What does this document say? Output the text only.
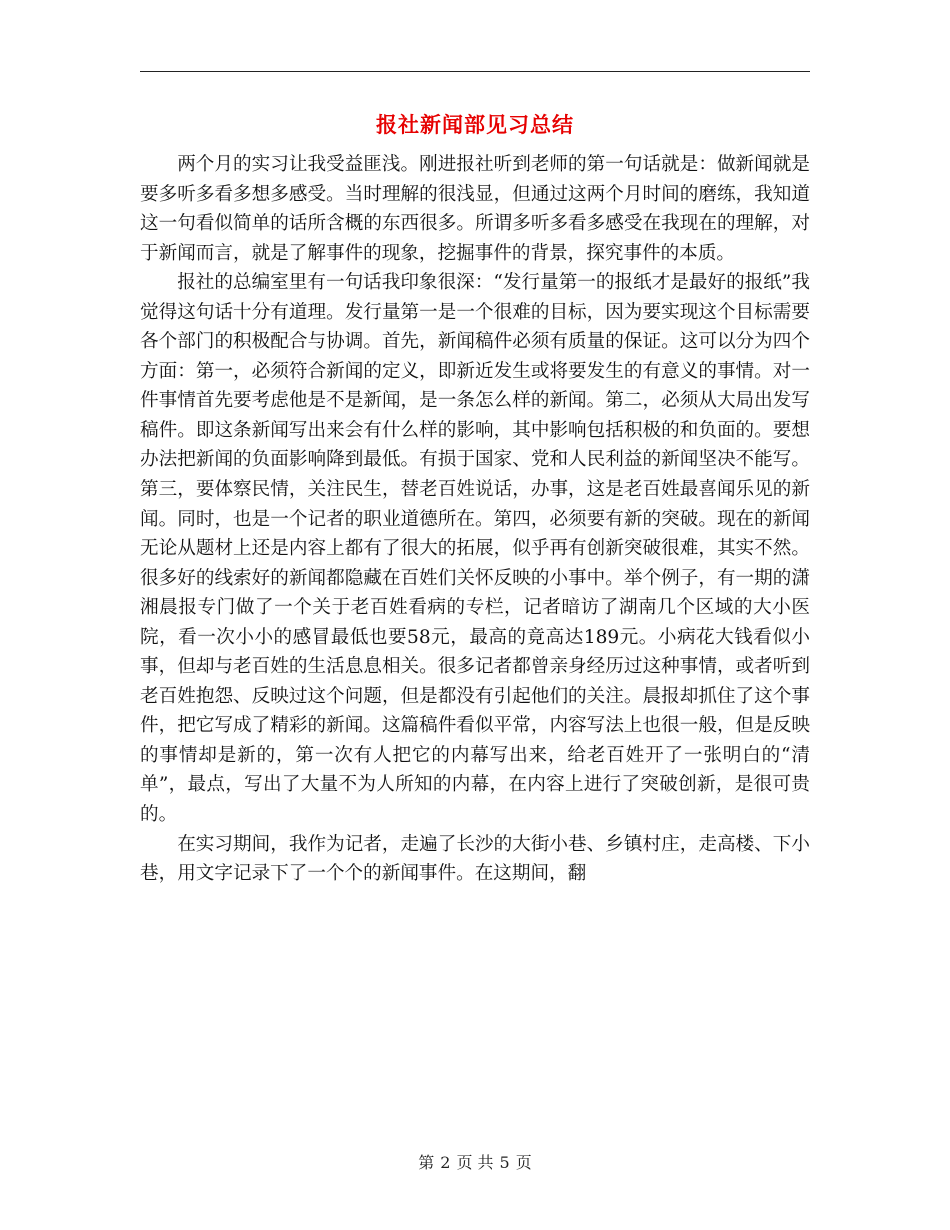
报社新闻部见习总结

两个月的实习让我受益匪浅。刚进报社听到老师的第一句话就是：做新闻就是要多听多看多想多感受。当时理解的很浅显，但通过这两个月时间的磨练，我知道这一句看似简单的话所含概的东西很多。所谓多听多看多感受在我现在的理解，对于新闻而言，就是了解事件的现象，挖掘事件的背景，探究事件的本质。

报社的总编室里有一句话我印象很深：“发行量第一的报纸才是最好的报纸”我觉得这句话十分有道理。发行量第一是一个很难的目标，因为要实现这个目标需要各个部门的积极配合与协调。首先，新闻稿件必须有质量的保证。这可以分为四个方面：第一，必须符合新闻的定义，即新近发生或将要发生的有意义的事情。对一件事情首先要考虑他是不是新闻，是一条怎么样的新闻。第二，必须从大局出发写稿件。即这条新闻写出来会有什么样的影响，其中影响包括积极的和负面的。要想办法把新闻的负面影响降到最低。有损于国家、党和人民利益的新闻坚决不能写。第三，要体察民情，关注民生，替老百姓说话，办事，这是老百姓最喜闻乐见的新闻。同时，也是一个记者的职业道德所在。第四，必须要有新的突破。现在的新闻无论从题材上还是内容上都有了很大的拓展，似乎再有创新突破很难，其实不然。很多好的线索好的新闻都隐藏在百姓们关怀反映的小事中。举个例子，有一期的潇湘晨报专门做了一个关于老百姓看病的专栏，记者暗访了湖南几个区域的大小医院，看一次小小的感冒最低也要58元，最高的竟高达189元。小病花大钱看似小事，但却与老百姓的生活息息相关。很多记者都曾亲身经历过这种事情，或者听到老百姓抱怨、反映过这个问题，但是都没有引起他们的关注。晨报却抓住了这个事件，把它写成了精彩的新闻。这篇稿件看似平常，内容写法上也很一般，但是反映的事情却是新的，第一次有人把它的内幕写出来，给老百姓开了一张明白的“清单”，最点，写出了大量不为人所知的内幕，在内容上进行了突破创新，是很可贵的。

在实习期间，我作为记者，走遍了长沙的大街小巷、乡镇村庄，走高楼、下小巷，用文字记录下了一个个的新闻事件。在这期间，翻

第 2 页 共 5 页
